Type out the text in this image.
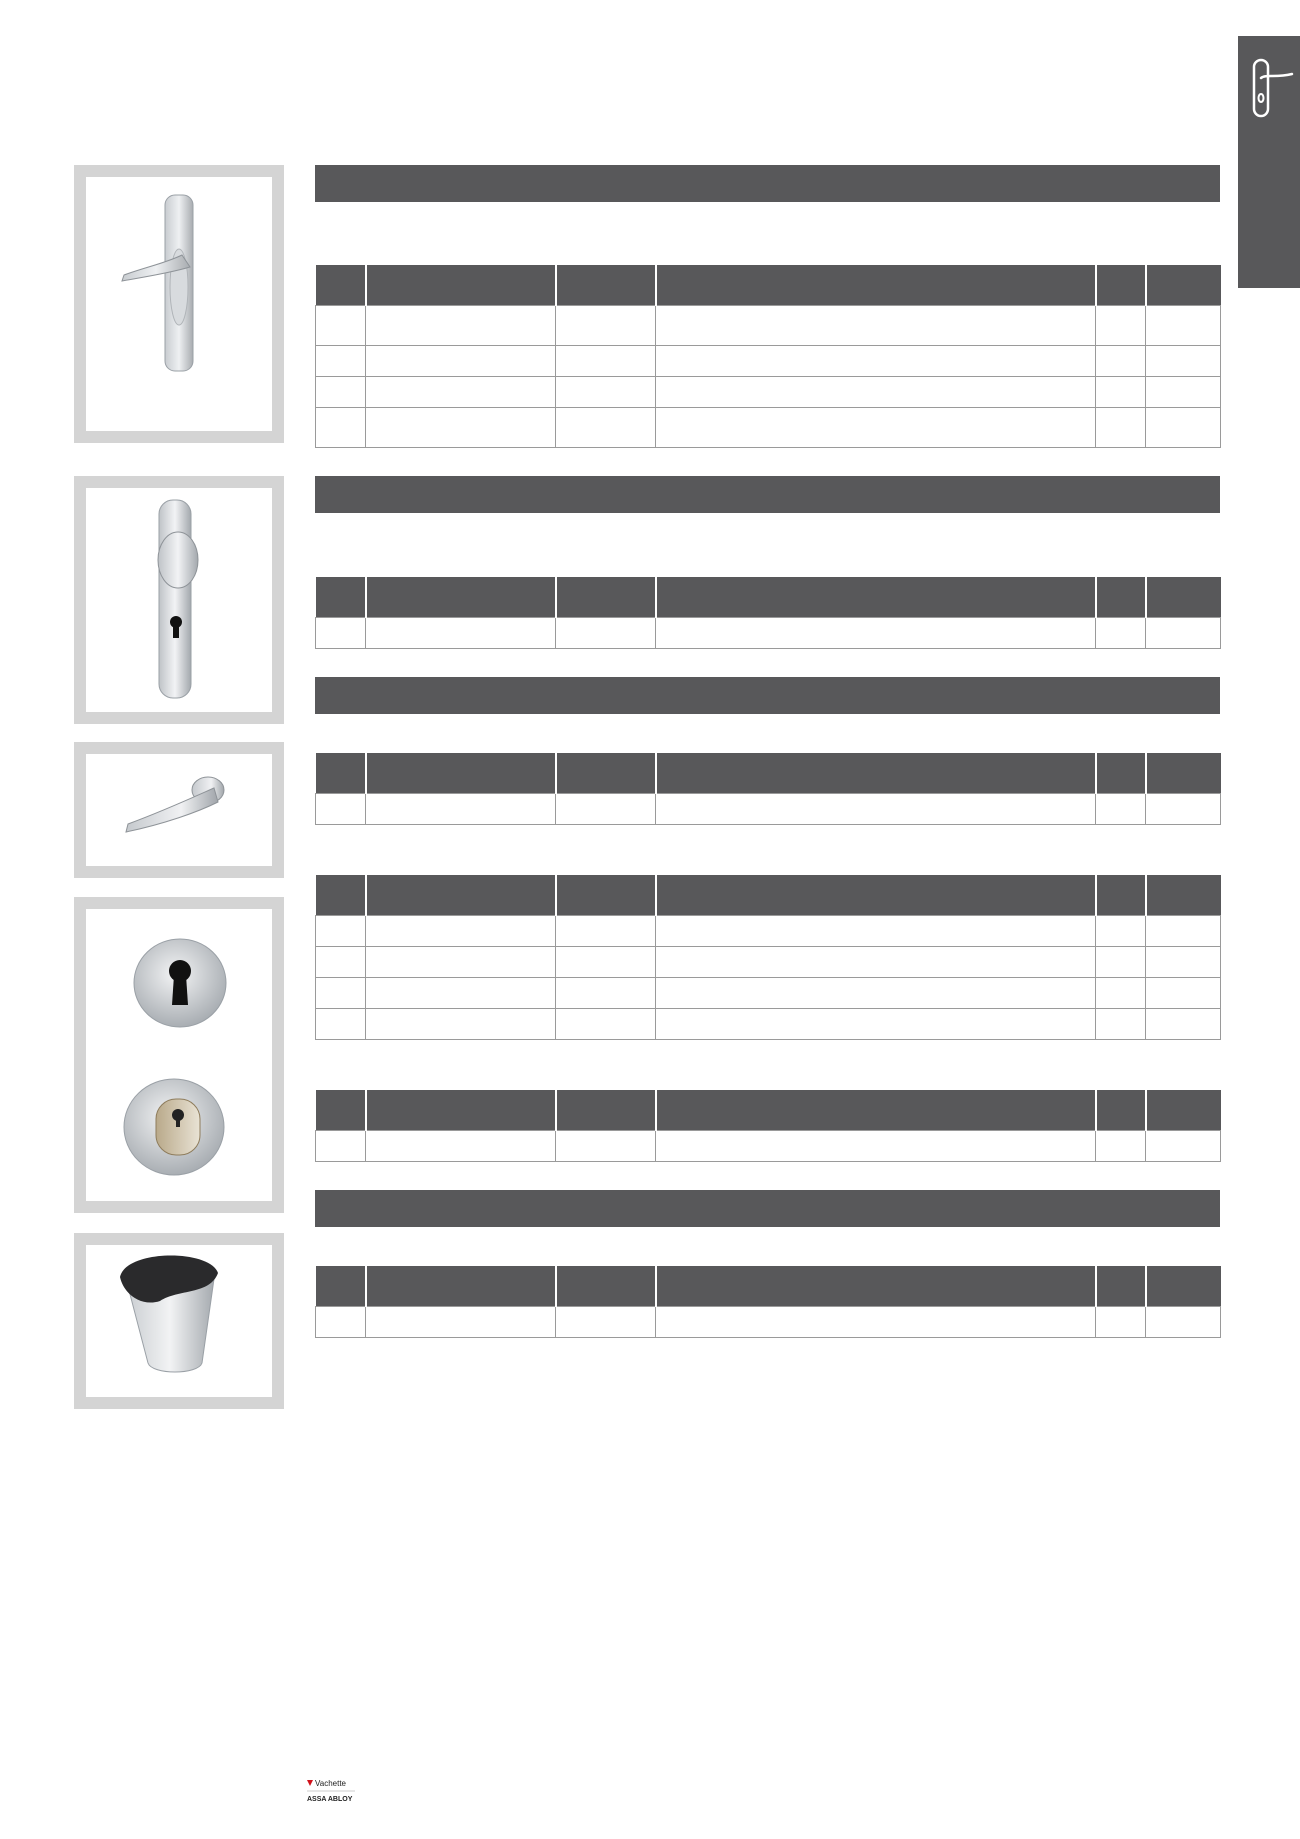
Vachette
ASSA ABLOY
